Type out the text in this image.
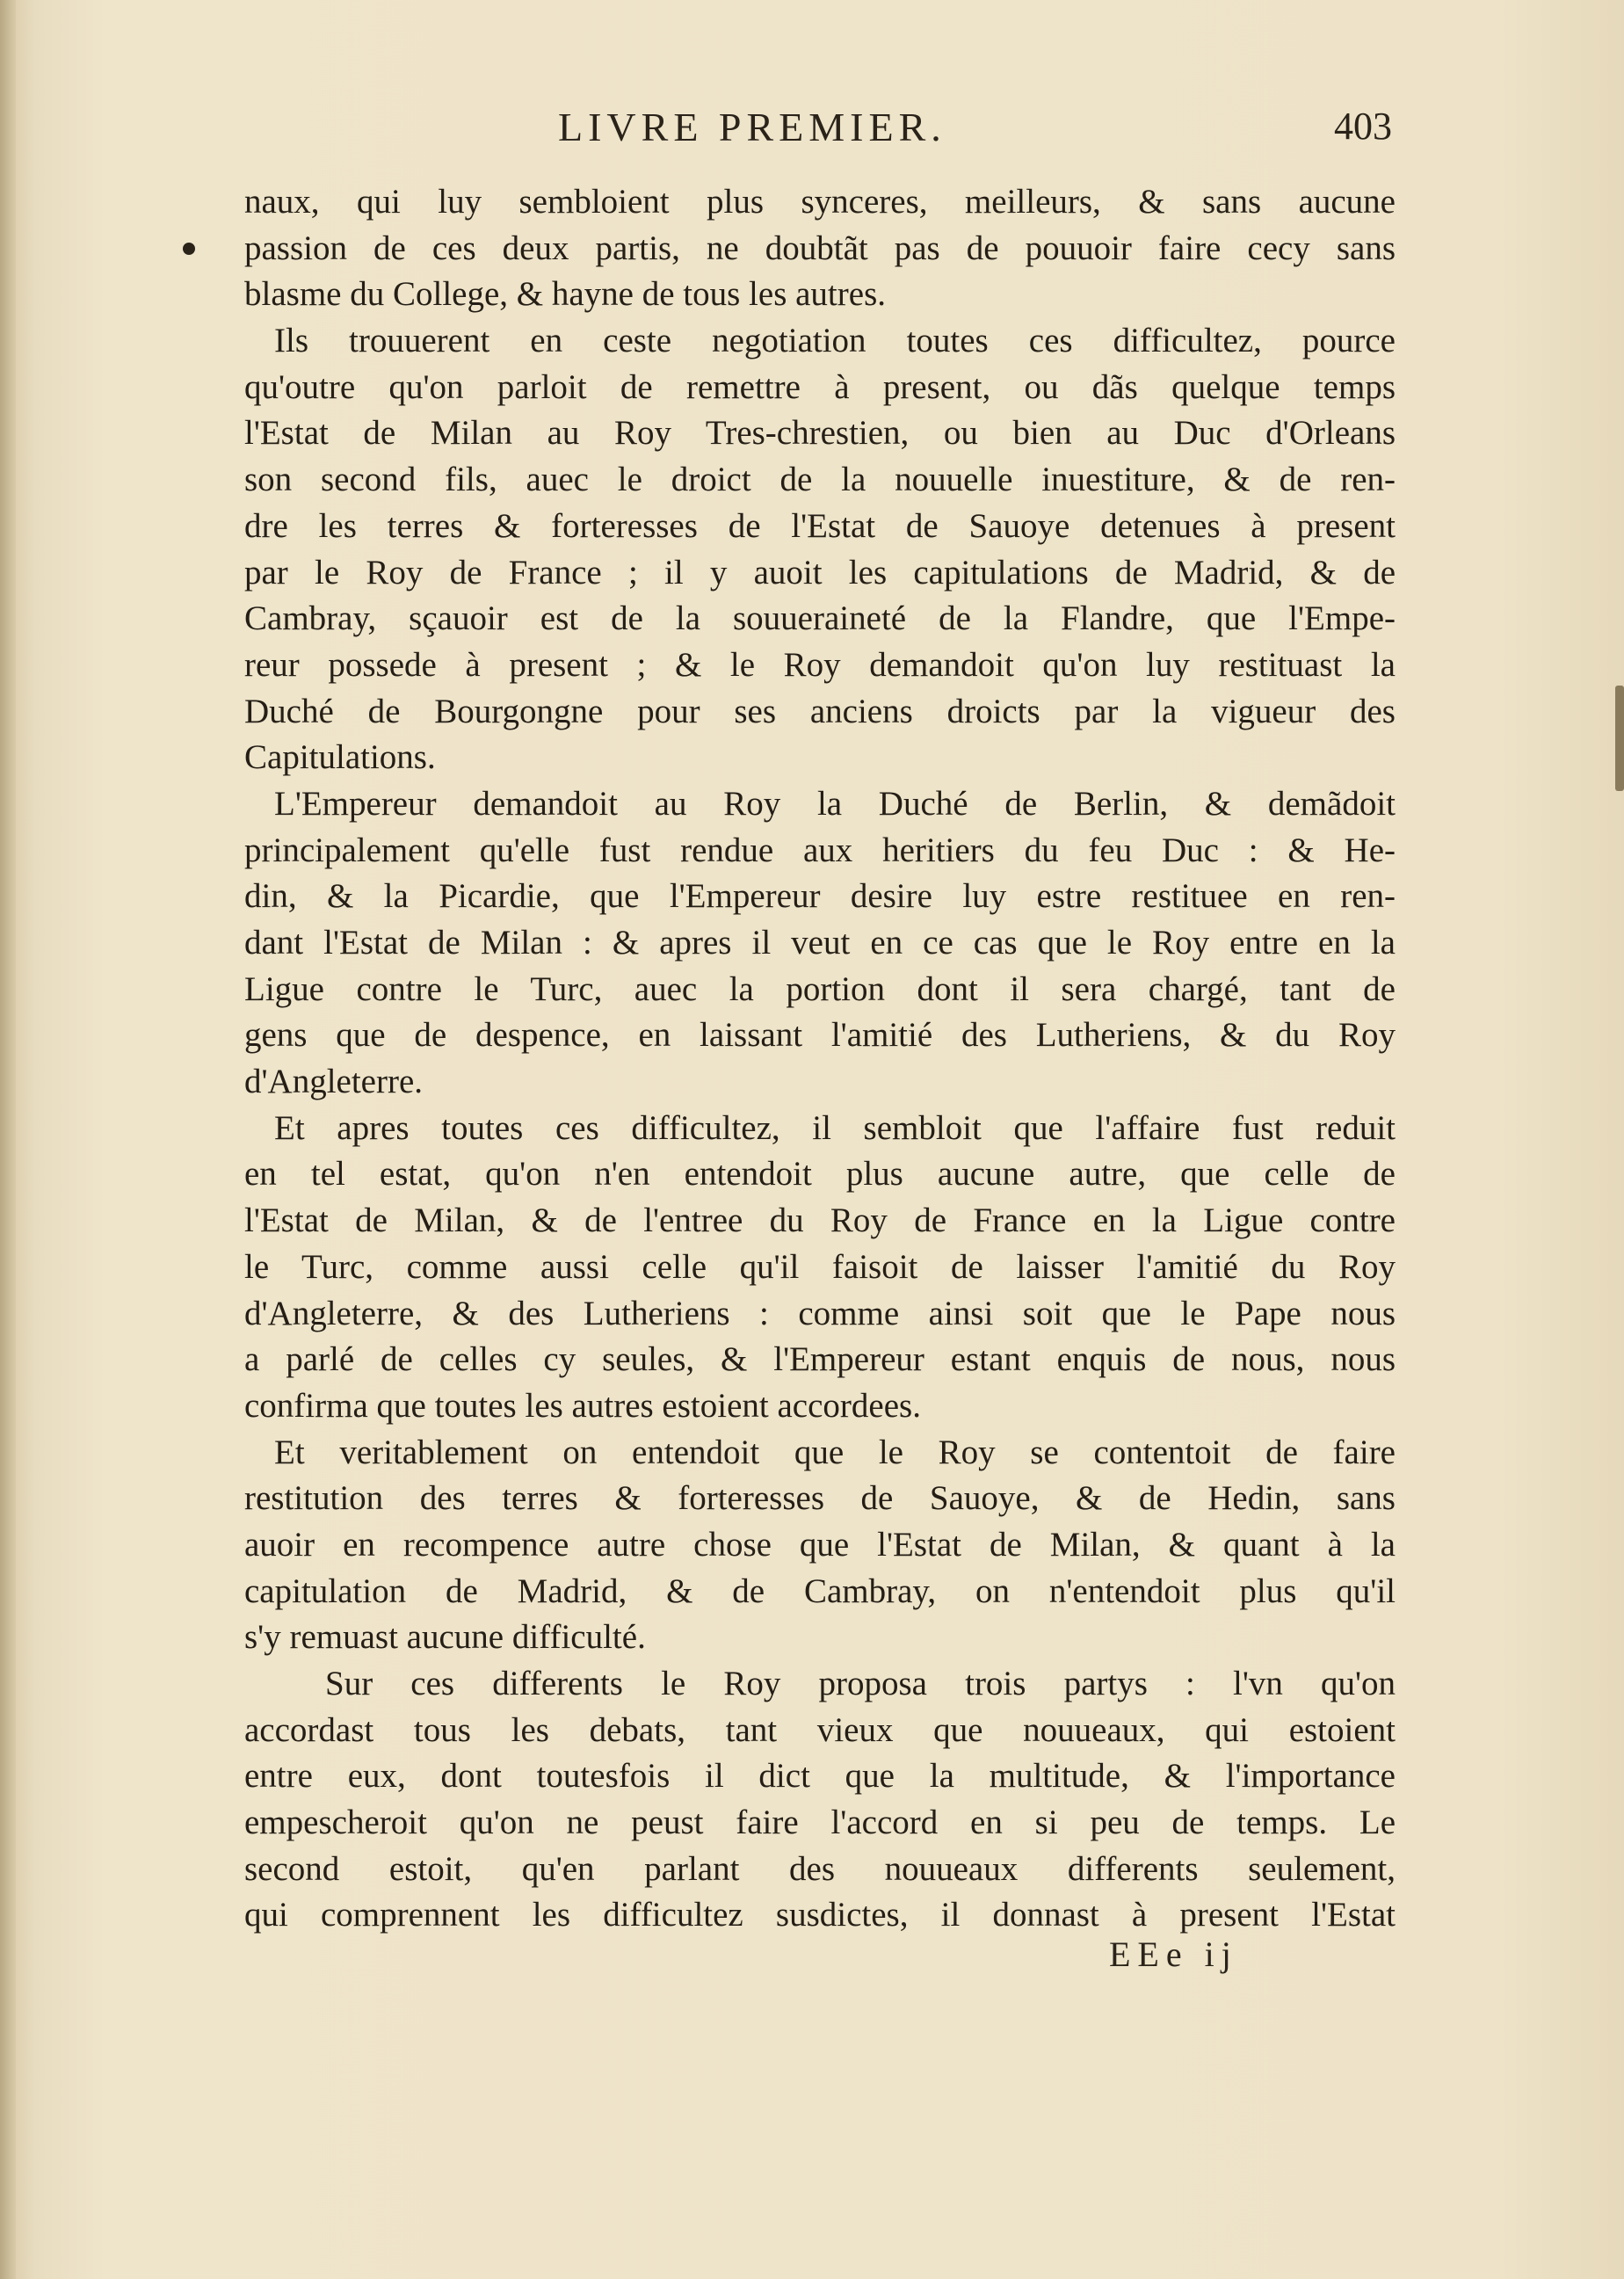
LIVRE PREMIER.	403
naux, qui luy sembloient plus synceres, meilleurs, & sans aucune
passion de ces deux partis, ne doubtãt pas de pouuoir faire cecy sans
blasme du College, & hayne de tous les autres.
Ils trouuerent en ceste negotiation toutes ces difficultez, pource
qu'outre qu'on parloit de remettre à present, ou dãs quelque temps
l'Estat de Milan au Roy Tres-chrestien, ou bien au Duc d'Orleans
son second fils, auec le droict de la nouuelle inuestiture, & de ren-
dre les terres & forteresses de l'Estat de Sauoye detenues à present
par le Roy de France ; il y auoit les capitulations de Madrid, & de
Cambray, sçauoir est de la souueraineté de la Flandre, que l'Empe-
reur possede à present ; & le Roy demandoit qu'on luy restituast la
Duché de Bourgongne pour ses anciens droicts par la vigueur des
Capitulations.
L'Empereur demandoit au Roy la Duché de Berlin, & demãdoit
principalement qu'elle fust rendue aux heritiers du feu Duc : & He-
din, & la Picardie, que l'Empereur desire luy estre restituee en ren-
dant l'Estat de Milan : & apres il veut en ce cas que le Roy entre en la
Ligue contre le Turc, auec la portion dont il sera chargé, tant de
gens que de despence, en laissant l'amitié des Lutheriens, & du Roy
d'Angleterre.
Et apres toutes ces difficultez, il sembloit que l'affaire fust reduit
en tel estat, qu'on n'en entendoit plus aucune autre, que celle de
l'Estat de Milan, & de l'entree du Roy de France en la Ligue contre
le Turc, comme aussi celle qu'il faisoit de laisser l'amitié du Roy
d'Angleterre, & des Lutheriens : comme ainsi soit que le Pape nous
a parlé de celles cy seules, & l'Empereur estant enquis de nous, nous
confirma que toutes les autres estoient accordees.
Et veritablement on entendoit que le Roy se contentoit de faire
restitution des terres & forteresses de Sauoye, & de Hedin, sans
auoir en recompence autre chose que l'Estat de Milan, & quant à la
capitulation de Madrid, & de Cambray, on n'entendoit plus qu'il
s'y remuast aucune difficulté.
Sur ces differents le Roy proposa trois partys : l'vn qu'on
accordast tous les debats, tant vieux que nouueaux, qui estoient
entre eux, dont toutesfois il dict que la multitude, & l'importance
empescheroit qu'on ne peust faire l'accord en si peu de temps. Le
second estoit, qu'en parlant des nouueaux differents seulement,
qui comprennent les difficultez susdictes, il donnast à present l'Estat
EEe ij
